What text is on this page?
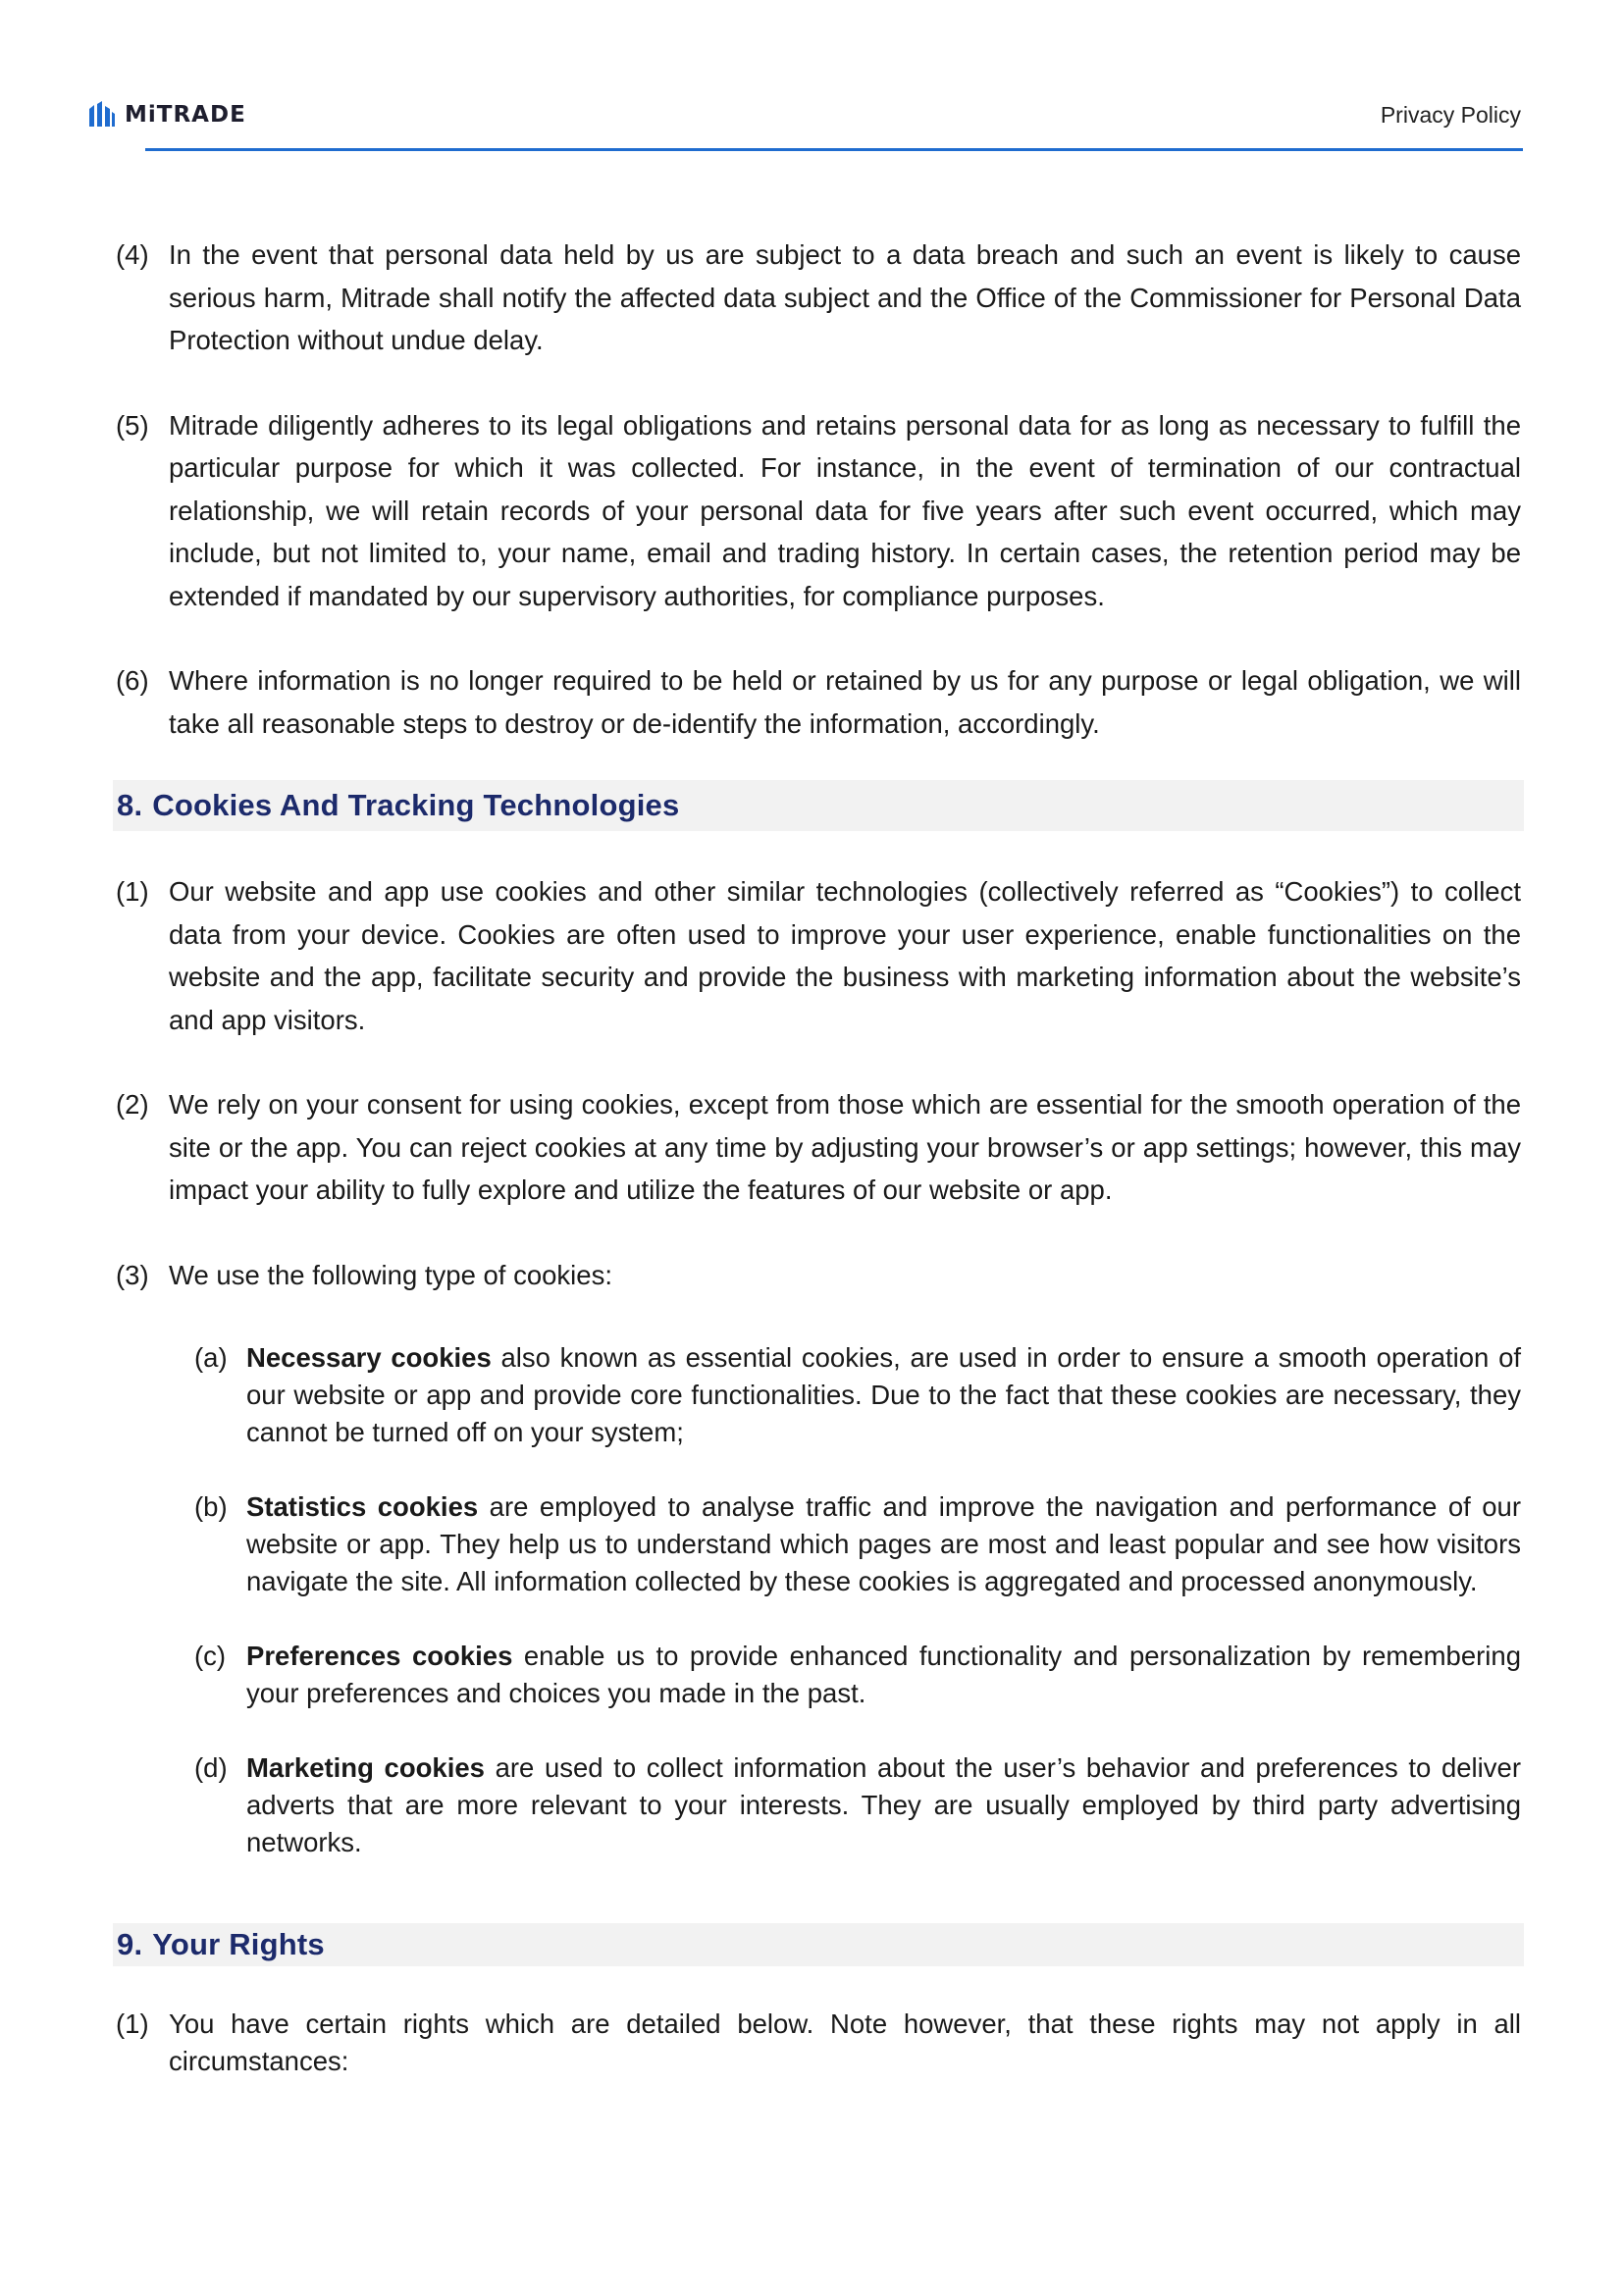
MiTRADE	Privacy Policy
(4) In the event that personal data held by us are subject to a data breach and such an event is likely to cause serious harm, Mitrade shall notify the affected data subject and the Office of the Commissioner for Personal Data Protection without undue delay.
(5) Mitrade diligently adheres to its legal obligations and retains personal data for as long as necessary to fulfill the particular purpose for which it was collected. For instance, in the event of termination of our contractual relationship, we will retain records of your personal data for five years after such event occurred, which may include, but not limited to, your name, email and trading history. In certain cases, the retention period may be extended if mandated by our supervisory authorities, for compliance purposes.
(6) Where information is no longer required to be held or retained by us for any purpose or legal obligation, we will take all reasonable steps to destroy or de-identify the information, accordingly.
8. Cookies And Tracking Technologies
(1) Our website and app use cookies and other similar technologies (collectively referred as “Cookies”) to collect data from your device. Cookies are often used to improve your user experience, enable functionalities on the website and the app, facilitate security and provide the business with marketing information about the website’s and app visitors.
(2) We rely on your consent for using cookies, except from those which are essential for the smooth operation of the site or the app. You can reject cookies at any time by adjusting your browser’s or app settings; however, this may impact your ability to fully explore and utilize the features of our website or app.
(3) We use the following type of cookies:
(a) Necessary cookies also known as essential cookies, are used in order to ensure a smooth operation of our website or app and provide core functionalities. Due to the fact that these cookies are necessary, they cannot be turned off on your system;
(b) Statistics cookies are employed to analyse traffic and improve the navigation and performance of our website or app. They help us to understand which pages are most and least popular and see how visitors navigate the site. All information collected by these cookies is aggregated and processed anonymously.
(c) Preferences cookies enable us to provide enhanced functionality and personalization by remembering your preferences and choices you made in the past.
(d) Marketing cookies are used to collect information about the user’s behavior and preferences to deliver adverts that are more relevant to your interests. They are usually employed by third party advertising networks.
9. Your Rights
(1) You have certain rights which are detailed below. Note however, that these rights may not apply in all circumstances:
